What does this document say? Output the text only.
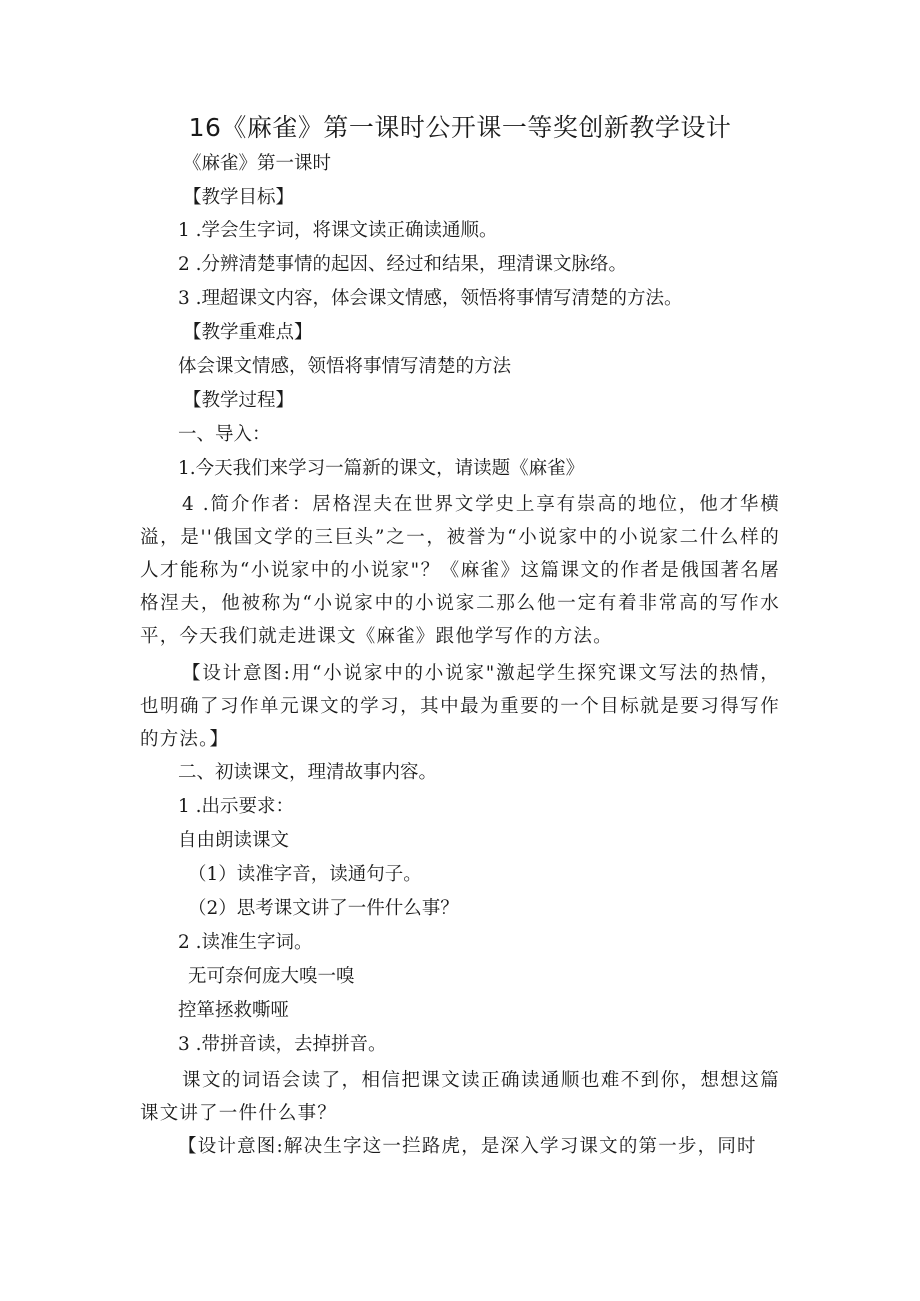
16《麻雀》第一课时公开课一等奖创新教学设计

《麻雀》第一课时

【教学目标】

1 .学会生字词，将课文读正确读通顺。

2 .分辨清楚事情的起因、经过和结果，理清课文脉络。

3 .理超课文内容，体会课文情感，领悟将事情写清楚的方法。

【教学重难点】

体会课文情感，领悟将事情写清楚的方法

【教学过程】

一、导入：

1.今天我们来学习一篇新的课文，请读题《麻雀》

4 .简介作者：居格涅夫在世界文学史上享有崇高的地位，他才华横溢，是''俄国文学的三巨头”之一，被誉为“小说家中的小说家二什么样的人才能称为“小说家中的小说家"？《麻雀》这篇课文的作者是俄国著名屠格涅夫，他被称为“小说家中的小说家二那么他一定有着非常高的写作水平，今天我们就走进课文《麻雀》跟他学写作的方法。

【设计意图:用“小说家中的小说家"激起学生探究课文写法的热情，也明确了习作单元课文的学习，其中最为重要的一个目标就是要习得写作的方法。】

二、初读课文，理清故事内容。

1 .出示要求：

自由朗读课文

（1）读准字音，读通句子。

（2）思考课文讲了一件什么事？

2 .读准生字词。

无可奈何庞大嗅一嗅

控箪拯救嘶哑

3 .带拼音读，去掉拼音。

课文的词语会读了，相信把课文读正确读通顺也难不到你，想想这篇课文讲了一件什么事？

【设计意图:解决生字这一拦路虎，是深入学习课文的第一步，同时
